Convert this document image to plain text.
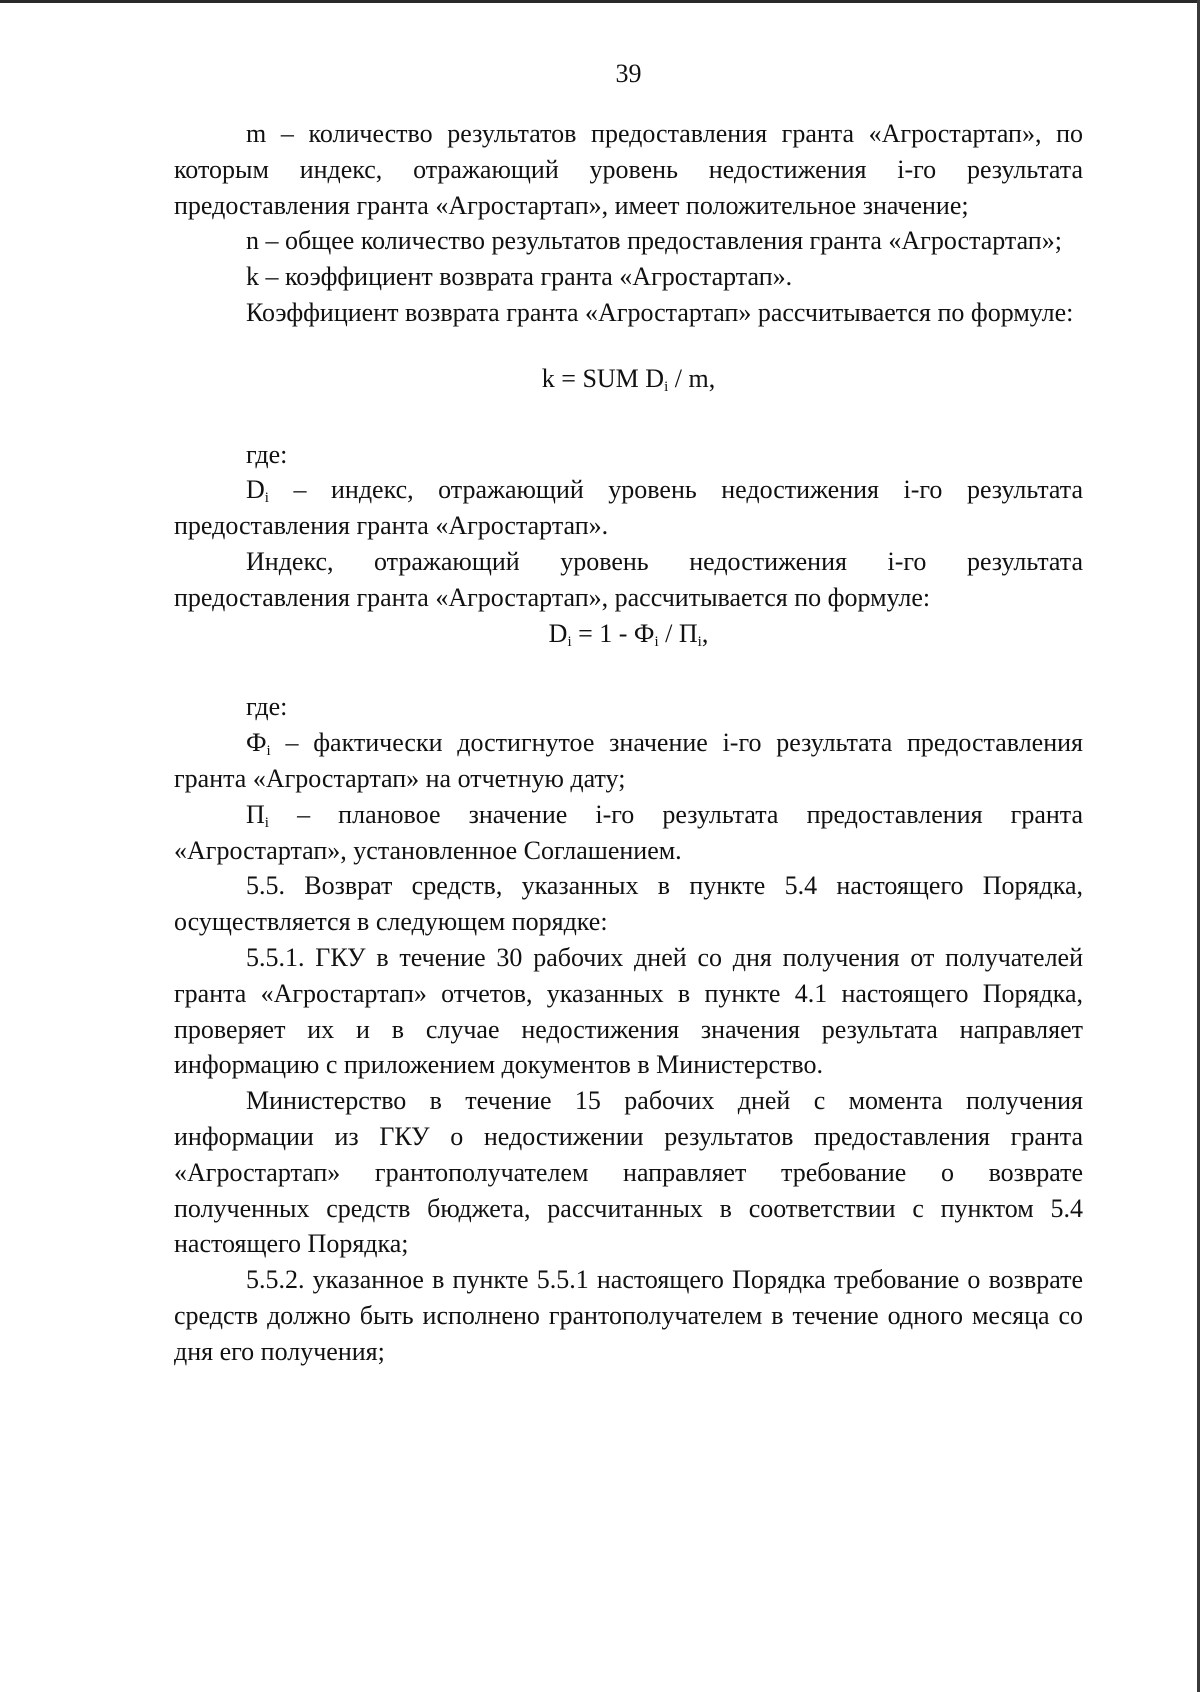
39

m – количество результатов предоставления гранта «Агростартап», по которым индекс, отражающий уровень недостижения i-го результата предоставления гранта «Агростартап», имеет положительное значение;

n – общее количество результатов предоставления гранта «Агростартап»;

k – коэффициент возврата гранта «Агростартап».

Коэффициент возврата гранта «Агростартап» рассчитывается по формуле:

k = SUM $D_i$ / m,

где:

$D_i$ – индекс, отражающий уровень недостижения i-го результата предоставления гранта «Агростартап».

Индекс, отражающий уровень недостижения i-го результата предоставления гранта «Агростартап», рассчитывается по формуле:

$D_i = 1 - Ф_i / П_i$,

где:

$Ф_i$ – фактически достигнутое значение i-го результата предоставления гранта «Агростартап» на отчетную дату;

$П_i$ – плановое значение i-го результата предоставления гранта «Агростартап», установленное Соглашением.

5.5. Возврат средств, указанных в пункте 5.4 настоящего Порядка, осуществляется в следующем порядке:

5.5.1. ГКУ в течение 30 рабочих дней со дня получения от получателей гранта «Агростартап» отчетов, указанных в пункте 4.1 настоящего Порядка, проверяет их и в случае недостижения значения результата направляет информацию с приложением документов в Министерство.

Министерство в течение 15 рабочих дней с момента получения информации из ГКУ о недостижении результатов предоставления гранта «Агростартап» грантополучателем направляет требование о возврате полученных средств бюджета, рассчитанных в соответствии с пунктом 5.4 настоящего Порядка;

5.5.2. указанное в пункте 5.5.1 настоящего Порядка требование о возврате средств должно быть исполнено грантополучателем в течение одного месяца со дня его получения;
